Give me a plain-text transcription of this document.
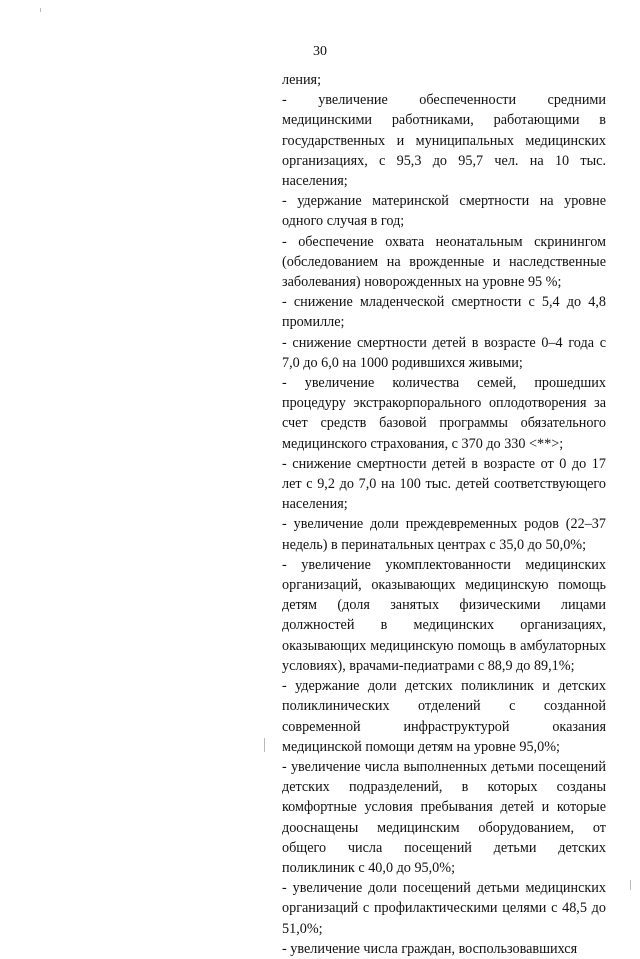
30

ления;

- увеличение обеспеченности средними медицинскими работниками, работающими в государственных и муниципальных медицинских организациях, с 95,3 до 95,7 чел. на 10 тыс. населения;

- удержание материнской смертности на уровне одного случая в год;

- обеспечение охвата неонатальным скринингом (обследованием на врожденные и наследственные заболевания) новорожденных на уровне 95 %;

- снижение младенческой смертности с 5,4 до 4,8 промилле;

- снижение смертности детей в возрасте 0–4 года с 7,0 до 6,0 на 1000 родившихся живыми;

- увеличение количества семей, прошедших процедуру экстракорпорального оплодотворения за счет средств базовой программы обязательного медицинского страхования, с 370 до 330 <**>;

- снижение смертности детей в возрасте от 0 до 17 лет с 9,2 до 7,0 на 100 тыс. детей соответствующего населения;

- увеличение доли преждевременных родов (22–37 недель) в перинатальных центрах с 35,0 до 50,0%;

- увеличение укомплектованности медицинских организаций, оказывающих медицинскую помощь детям (доля занятых физическими лицами должностей в медицинских организациях, оказывающих медицинскую помощь в амбулаторных условиях), врачами-педиатрами с 88,9 до 89,1%;

- удержание доли детских поликлиник и детских поликлинических отделений с созданной современной инфраструктурой оказания медицинской помощи детям на уровне 95,0%;

- увеличение числа выполненных детьми посещений детских подразделений, в которых созданы комфортные условия пребывания детей и которые дооснащены медицинским оборудованием, от общего числа посещений детьми детских поликлиник с 40,0 до 95,0%;

- увеличение доли посещений детьми медицинских организаций с профилактическими целями с 48,5 до 51,0%;

- увеличение числа граждан, воспользовавшихся
